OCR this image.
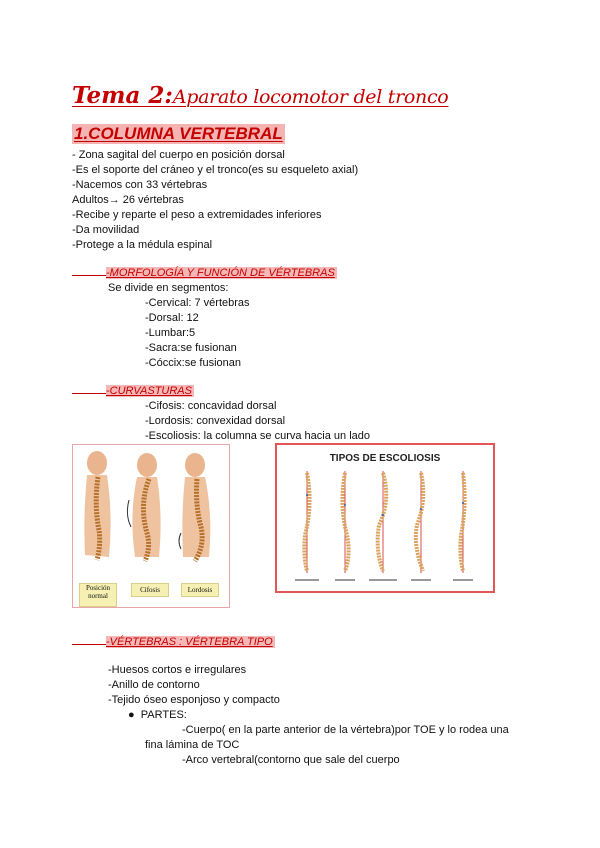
Tema 2:Aparato locomotor del tronco
1.COLUMNA VERTEBRAL
- Zona sagital del cuerpo en posición dorsal
-Es el soporte del cráneo y el tronco(es su esqueleto axial)
-Nacemos con 33 vértebras
Adultos→ 26 vértebras
-Recibe y reparte el peso a extremidades inferiores
-Da movilidad
-Protege a la médula espinal
-MORFOLOGÍA Y FUNCIÓN DE VÉRTEBRAS
Se divide en segmentos:
-Cervical: 7 vértebras
-Dorsal: 12
-Lumbar:5
-Sacra:se fusionan
-Cóccix:se fusionan
-CURVASTURAS
-Cifosis: concavidad dorsal
-Lordosis: convexidad dorsal
-Escoliosis: la columna se curva hacia un lado
Posición normal
Cifosis	Lordosis
TIPOS DE ESCOLIOSIS
-VÉRTEBRAS : VÉRTEBRA TIPO
-Huesos cortos e irregulares
-Anillo de contorno
-Tejido óseo esponjoso y compacto
● PARTES:
-Cuerpo( en la parte anterior de la vértebra)por TOE y lo rodea una
fina lámina de TOC
-Arco vertebral(contorno que sale del cuerpo
